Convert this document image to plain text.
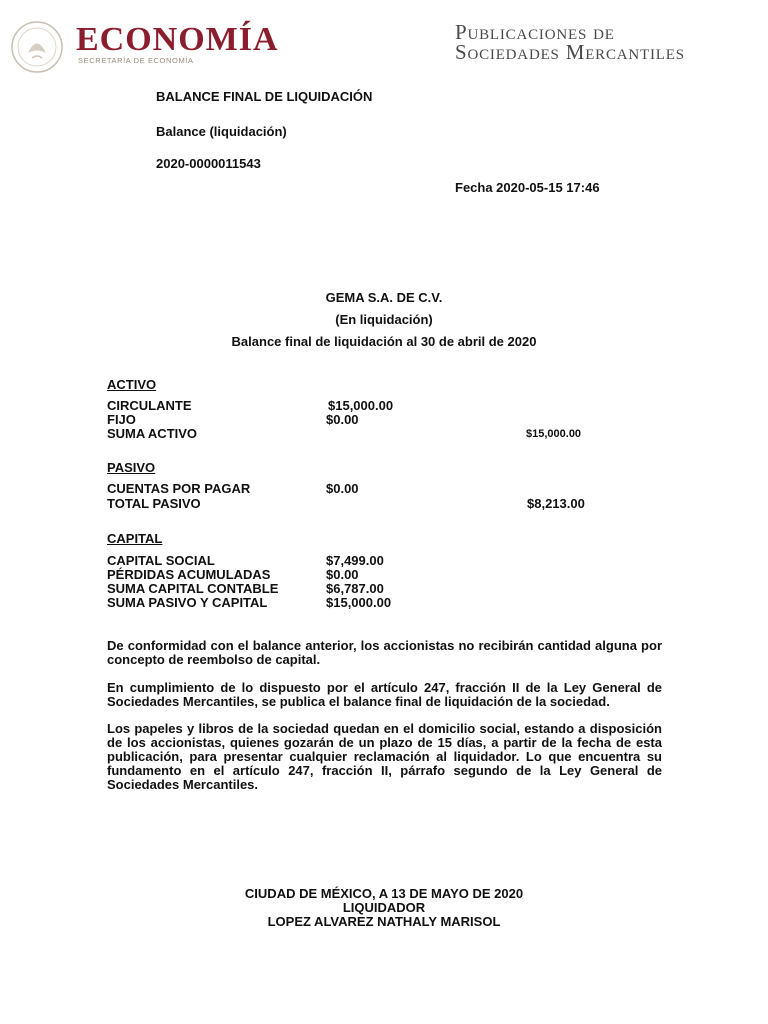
ECONOMÍA
SECRETARÍA DE ECONOMÍA
Publicaciones de
Sociedades Mercantiles
BALANCE FINAL DE LIQUIDACIÓN
Balance (liquidación)
2020-0000011543
Fecha 2020-05-15 17:46
GEMA S.A. DE C.V.
(En liquidación)
Balance final de liquidación al 30 de abril de 2020
ACTIVO
CIRCULANTE	$15,000.00
FIJO	$0.00
SUMA ACTIVO	$15,000.00
PASIVO
CUENTAS POR PAGAR	$0.00
TOTAL PASIVO	$8,213.00
CAPITAL
CAPITAL SOCIAL	$7,499.00
PÉRDIDAS ACUMULADAS	$0.00
SUMA CAPITAL CONTABLE	$6,787.00
SUMA PASIVO Y CAPITAL	$15,000.00
De conformidad con el balance anterior, los accionistas no recibirán cantidad alguna por concepto de reembolso de capital.
En cumplimiento de lo dispuesto por el artículo 247, fracción II de la Ley General de Sociedades Mercantiles, se publica el balance final de liquidación de la sociedad.
Los papeles y libros de la sociedad quedan en el domicilio social, estando a disposición de los accionistas, quienes gozarán de un plazo de 15 días, a partir de la fecha de esta publicación, para presentar cualquier reclamación al liquidador. Lo que encuentra su fundamento en el artículo 247, fracción II, párrafo segundo de la Ley General de Sociedades Mercantiles.
CIUDAD DE MÉXICO, A 13 DE MAYO DE 2020
LIQUIDADOR
LOPEZ ALVAREZ NATHALY MARISOL
